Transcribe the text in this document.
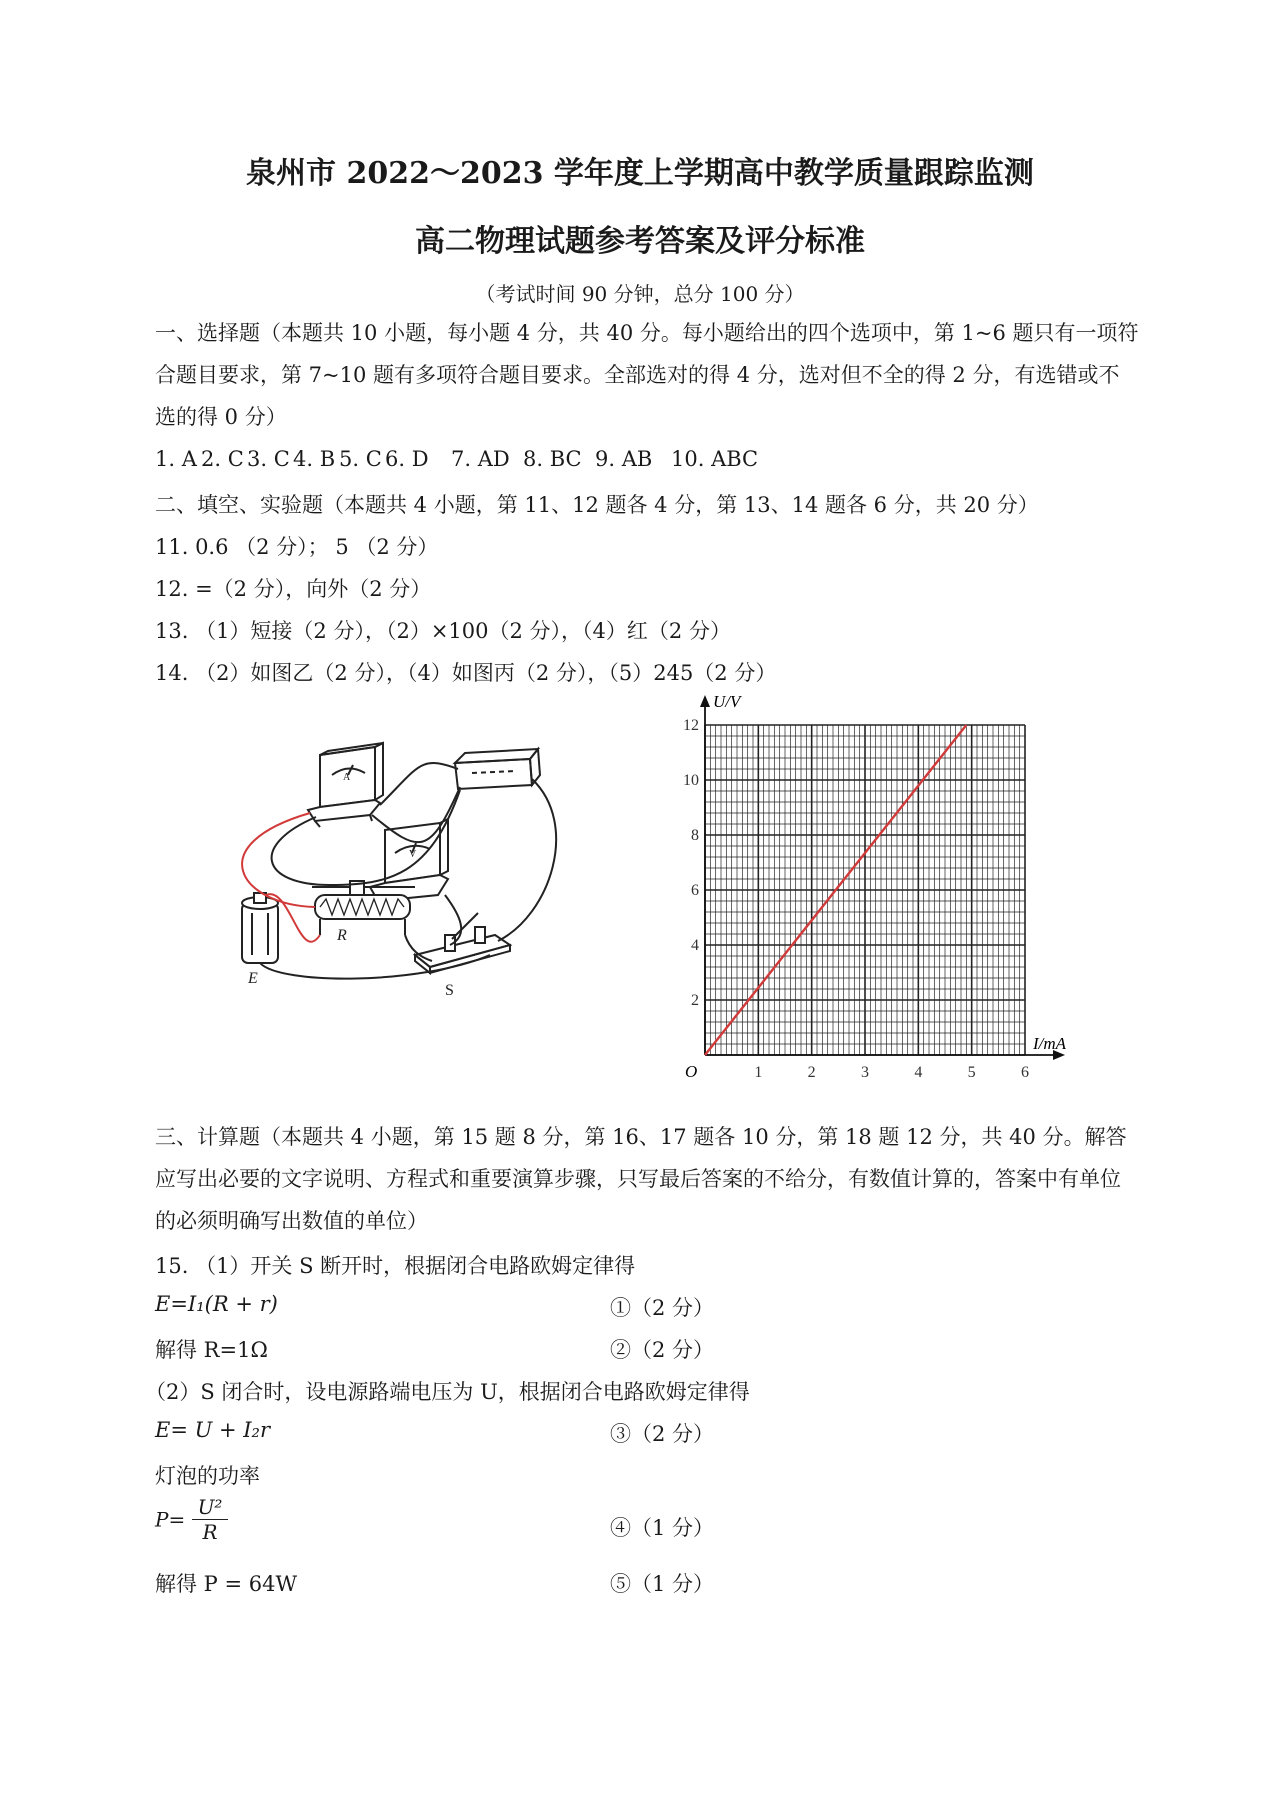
泉州市 2022～2023 学年度上学期高中教学质量跟踪监测
高二物理试题参考答案及评分标准
（考试时间 90 分钟，总分 100 分）
一、选择题（本题共 10 小题，每小题 4 分，共 40 分。每小题给出的四个选项中，第 1~6 题只有一项符合题目要求，第 7~10 题有多项符合题目要求。全部选对的得 4 分，选对但不全的得 2 分，有选错或不选的得 0 分）
1. A 2. C 3. C 4. B 5. C 6. D	7. AD 8. BC 9. AB 10. ABC
二、填空、实验题（本题共 4 小题，第 11、12 题各 4 分，第 13、14 题各 6 分，共 20 分）
11. 0.6 （2 分）； 5 （2 分）
12. =（2 分），向外（2 分）
13. （1）短接（2 分），（2）×100（2 分），（4）红（2 分）
14. （2）如图乙（2 分），（4）如图丙（2 分），（5）245（2 分）
R
S
E
A
V
1	2	3	4	5	6
2
4
6
8
10
12
U/V
I/mA
O
三、计算题（本题共 4 小题，第 15 题 8 分，第 16、17 题各 10 分，第 18 题 12 分，共 40 分。解答应写出必要的文字说明、方程式和重要演算步骤，只写最后答案的不给分，有数值计算的，答案中有单位的必须明确写出数值的单位）
15. （1）开关 S 断开时，根据闭合电路欧姆定律得
E=I₁(R + r)	①（2 分）
解得 R=1Ω	②（2 分）
（2）S 闭合时，设电源路端电压为 U，根据闭合电路欧姆定律得
E= U + I₂r	③（2 分）
灯泡的功率
$P= \frac{\text{U²}}{R}$	④（1 分）
解得 P = 64W	⑤（1 分）
